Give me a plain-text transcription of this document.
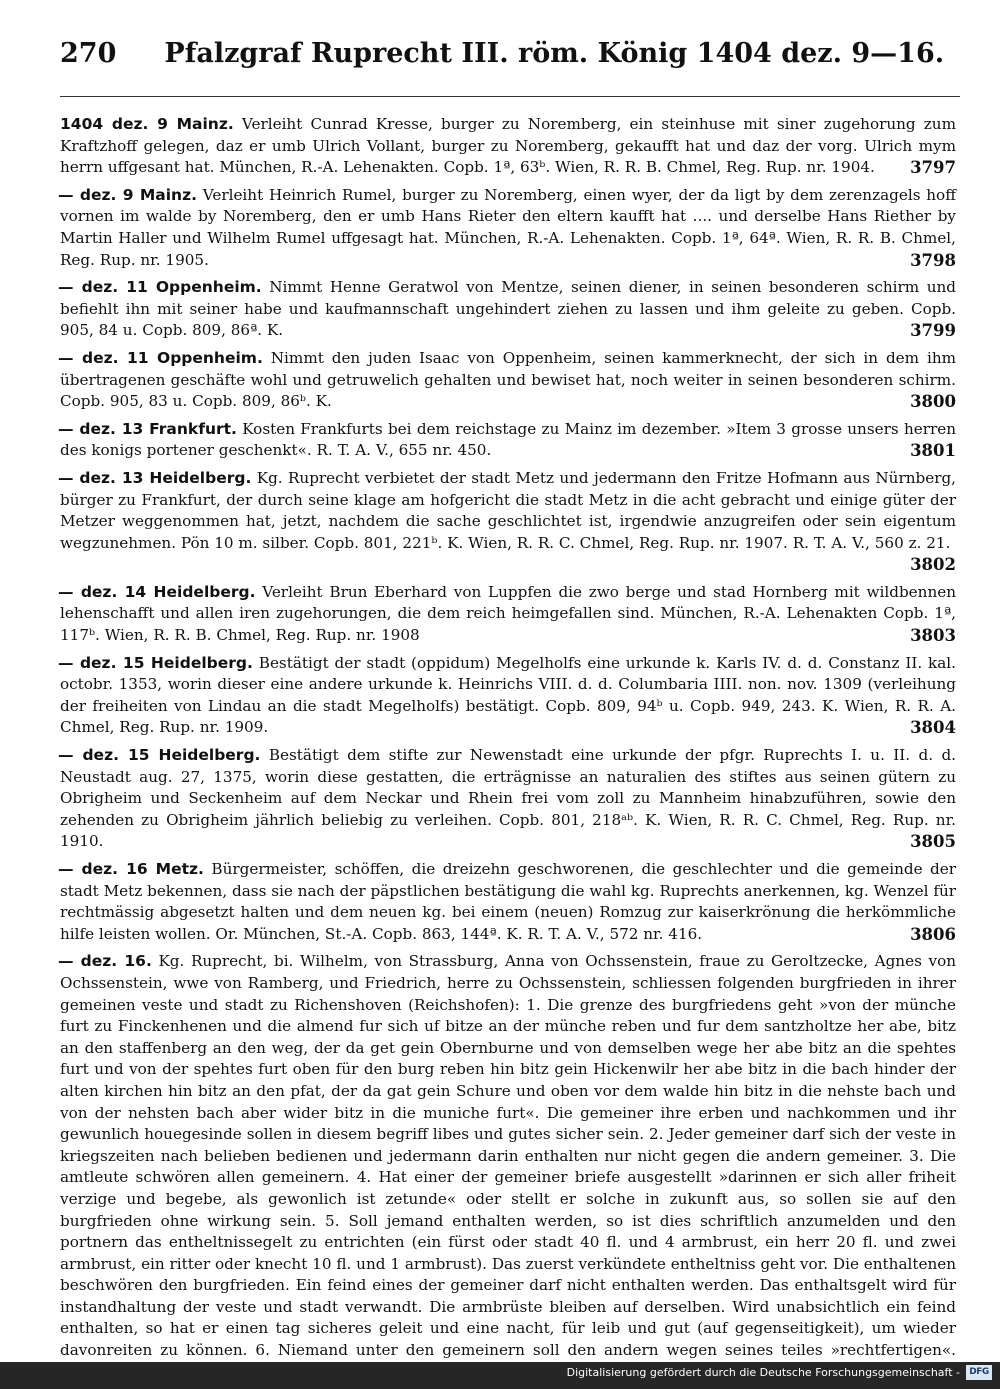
270 Pfalzgraf Ruprecht III. röm. König 1404 dez. 9—16.

1404 dez. 9 Mainz. Verleiht Cunrad Kresse, burger zu Noremberg, ein steinhuse mit siner zugehorung zum Kraftzhoff gelegen, daz er umb Ulrich Vollant, burger zu Noremberg, gekaufft hat und daz der vorg. Ulrich mym herrn uffgesant hat. München, R.-A. Lehenakten. Copb. 1ª, 63ᵇ. Wien, R. R. B. Chmel, Reg. Rup. nr. 1904. 3797

— dez. 9 Mainz. Verleiht Heinrich Rumel, burger zu Noremberg, einen wyer, der da ligt by dem zerenzagels hoff vornen im walde by Noremberg, den er umb Hans Rieter den eltern kaufft hat .... und derselbe Hans Riether by Martin Haller und Wilhelm Rumel uffgesagt hat. München, R.-A. Lehenakten. Copb. 1ª, 64ª. Wien, R. R. B. Chmel, Reg. Rup. nr. 1905.	3798

— dez. 11 Oppenheim. Nimmt Henne Geratwol von Mentze, seinen diener, in seinen besonderen schirm und befiehlt ihn mit seiner habe und kaufmannschaft ungehindert ziehen zu lassen und ihm geleite zu geben. Copb. 905, 84 u. Copb. 809, 86ª. K.	3799

— dez. 11 Oppenheim. Nimmt den juden Isaac von Oppenheim, seinen kammerknecht, der sich in dem ihm übertragenen geschäfte wohl und getruwelich gehalten und bewiset hat, noch weiter in seinen besonderen schirm. Copb. 905, 83 u. Copb. 809, 86ᵇ. K.	3800

— dez. 13 Frankfurt. Kosten Frankfurts bei dem reichstage zu Mainz im dezember. »Item 3 grosse unsers herren des konigs portener geschenkt«. R. T. A. V., 655 nr. 450.	3801

— dez. 13 Heidelberg. Kg. Ruprecht verbietet der stadt Metz und jedermann den Fritze Hofmann aus Nürnberg, bürger zu Frankfurt, der durch seine klage am hofgericht die stadt Metz in die acht gebracht und einige güter der Metzer weggenommen hat, jetzt, nachdem die sache geschlichtet ist, irgendwie anzugreifen oder sein eigentum wegzunehmen. Pön 10 m. silber. Copb. 801, 221ᵇ. K. Wien, R. R. C. Chmel, Reg. Rup. nr. 1907. R. T. A. V., 560 z. 21.
3802

— dez. 14 Heidelberg. Verleiht Brun Eberhard von Luppfen die zwo berge und stad Hornberg mit wildbennen lehenschafft und allen iren zugehorungen, die dem reich heimgefallen sind. München, R.-A. Lehenakten Copb. 1ª, 117ᵇ. Wien, R. R. B. Chmel, Reg. Rup. nr. 1908	3803

— dez. 15 Heidelberg. Bestätigt der stadt (oppidum) Megelholfs eine urkunde k. Karls IV. d. d. Constanz II. kal. octobr. 1353, worin dieser eine andere urkunde k. Heinrichs VIII. d. d. Columbaria IIII. non. nov. 1309 (verleihung der freiheiten von Lindau an die stadt Megelholfs) bestätigt. Copb. 809, 94ᵇ u. Copb. 949, 243. K. Wien, R. R. A. Chmel, Reg. Rup. nr. 1909.	3804

— dez. 15 Heidelberg. Bestätigt dem stifte zur Newenstadt eine urkunde der pfgr. Ruprechts I. u. II. d. d. Neustadt aug. 27, 1375, worin diese gestatten, die erträgnisse an naturalien des stiftes aus seinen gütern zu Obrigheim und Seckenheim auf dem Neckar und Rhein frei vom zoll zu Mannheim hinabzuführen, sowie den zehenden zu Obrigheim jährlich beliebig zu verleihen. Copb. 801, 218ᵃᵇ. K. Wien, R. R. C. Chmel, Reg. Rup. nr. 1910.	3805

— dez. 16 Metz. Bürgermeister, schöffen, die dreizehn geschworenen, die geschlechter und die gemeinde der stadt Metz bekennen, dass sie nach der päpstlichen bestätigung die wahl kg. Ruprechts anerkennen, kg. Wenzel für rechtmässig abgesetzt halten und dem neuen kg. bei einem (neuen) Romzug zur kaiserkrönung die herkömmliche hilfe leisten wollen. Or. München, St.-A. Copb. 863, 144ª. K. R. T. A. V., 572 nr. 416.	3806

— dez. 16. Kg. Ruprecht, bi. Wilhelm, von Strassburg, Anna von Ochssenstein, fraue zu Geroltzecke, Agnes von Ochssenstein, wwe von Ramberg, und Friedrich, herre zu Ochssenstein, schliessen folgenden burgfrieden in ihrer gemeinen veste und stadt zu Richenshoven (Reichshofen): 1. Die grenze des burgfriedens geht »von der münche furt zu Finckenhenen und die almend fur sich uf bitze an der münche reben und fur dem santzholtze her abe, bitz an den staffenberg an den weg, der da get gein Obernburne und von demselben wege her abe bitz an die spehtes furt und von der spehtes furt oben für den burg reben hin bitz gein Hickenwilr her abe bitz in die bach hinder der alten kirchen hin bitz an den pfat, der da gat gein Schure und oben vor dem walde hin bitz in die nehste bach und von der nehsten bach aber wider bitz in die muniche furt«. Die gemeiner ihre erben und nachkommen und ihr gewunlich houegesinde sollen in diesem begriff libes und gutes sicher sein. 2. Jeder gemeiner darf sich der veste in kriegszeiten nach belieben bedienen und jedermann darin enthalten nur nicht gegen die andern gemeiner. 3. Die amtleute schwören allen gemeinern. 4. Hat einer der gemeiner briefe ausgestellt »darinnen er sich aller friheit verzige und begebe, als gewonlich ist zetunde« oder stellt er solche in zukunft aus, so sollen sie auf den burgfrieden ohne wirkung sein. 5. Soll jemand enthalten werden, so ist dies schriftlich anzumelden und den portnern das entheltnissegelt zu entrichten (ein fürst oder stadt 40 fl. und 4 armbrust, ein herr 20 fl. und zwei armbrust, ein ritter oder knecht 10 fl. und 1 armbrust). Das zuerst verkündete entheltniss geht vor. Die enthaltenen beschwören den burgfrieden. Ein feind eines der gemeiner darf nicht enthalten werden. Das enthaltsgelt wird für instandhaltung der veste und stadt verwandt. Die armbrüste bleiben auf derselben. Wird unabsichtlich ein feind enthalten, so hat er einen tag sicheres geleit und eine nacht, für leib und gut (auf gegenseitigkeit), um wieder davonreiten zu können. 6. Niemand unter den gemeinern soll den andern wegen seines teiles »rechtfertigen«.

Digitalisierung gefördert durch die Deutsche Forschungsgemeinschaft -	DFG
